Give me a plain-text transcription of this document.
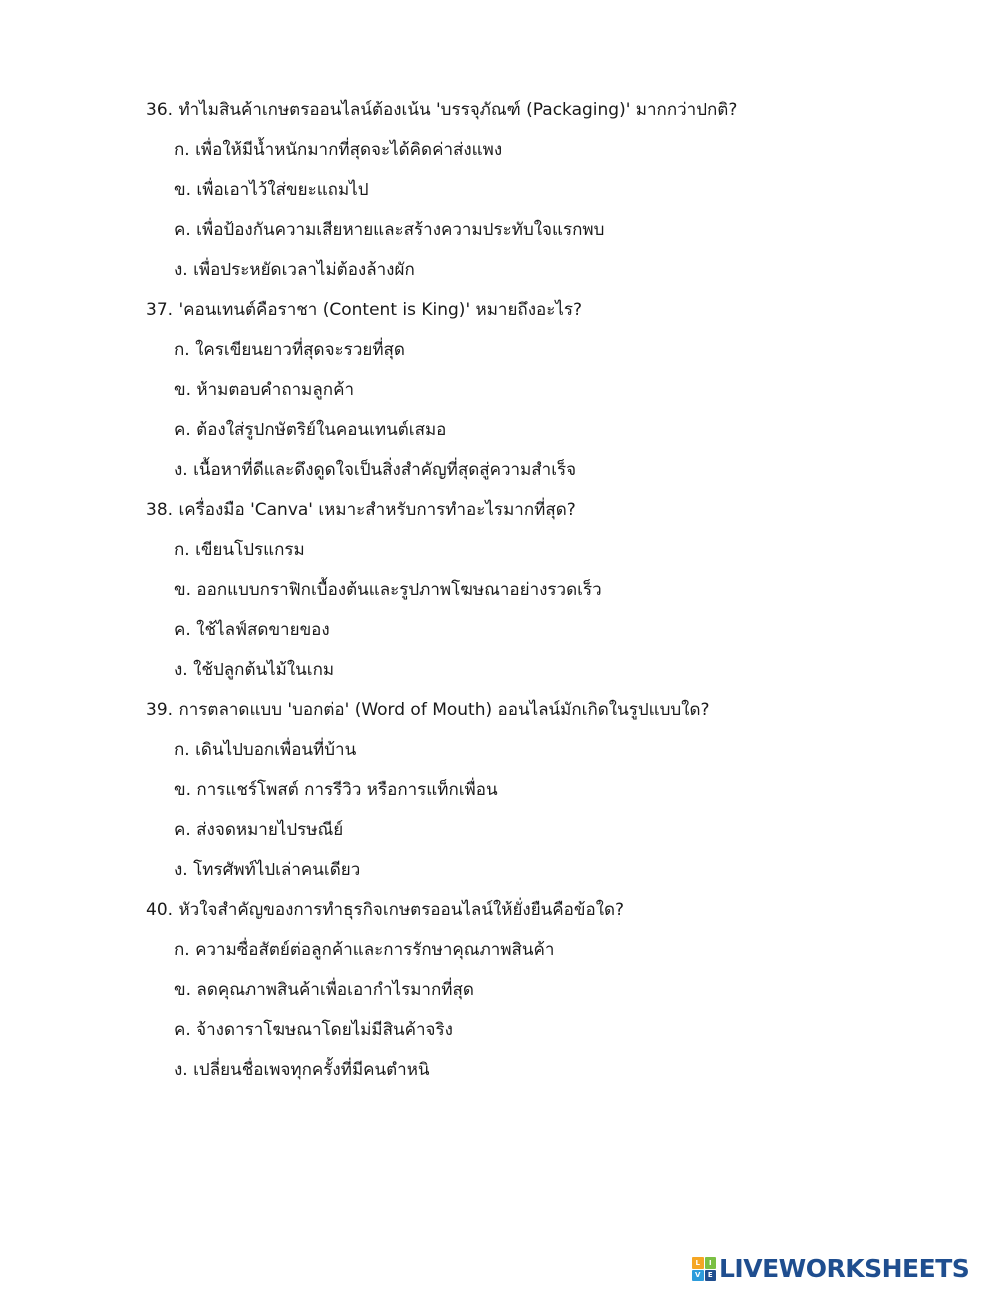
36. ทำไมสินค้าเกษตรออนไลน์ต้องเน้น 'บรรจุภัณฑ์ (Packaging)' มากกว่าปกติ?
ก. เพื่อให้มีน้ำหนักมากที่สุดจะได้คิดค่าส่งแพง
ข. เพื่อเอาไว้ใส่ขยะแถมไป
ค. เพื่อป้องกันความเสียหายและสร้างความประทับใจแรกพบ
ง. เพื่อประหยัดเวลาไม่ต้องล้างผัก
37. 'คอนเทนต์คือราชา (Content is King)' หมายถึงอะไร?
ก. ใครเขียนยาวที่สุดจะรวยที่สุด
ข. ห้ามตอบคำถามลูกค้า
ค. ต้องใส่รูปกษัตริย์ในคอนเทนต์เสมอ
ง. เนื้อหาที่ดีและดึงดูดใจเป็นสิ่งสำคัญที่สุดสู่ความสำเร็จ
38. เครื่องมือ 'Canva' เหมาะสำหรับการทำอะไรมากที่สุด?
ก. เขียนโปรแกรม
ข. ออกแบบกราฟิกเบื้องต้นและรูปภาพโฆษณาอย่างรวดเร็ว
ค. ใช้ไลฟ์สดขายของ
ง. ใช้ปลูกต้นไม้ในเกม
39. การตลาดแบบ 'บอกต่อ' (Word of Mouth) ออนไลน์มักเกิดในรูปแบบใด?
ก. เดินไปบอกเพื่อนที่บ้าน
ข. การแชร์โพสต์ การรีวิว หรือการแท็กเพื่อน
ค. ส่งจดหมายไปรษณีย์
ง. โทรศัพท์ไปเล่าคนเดียว
40. หัวใจสำคัญของการทำธุรกิจเกษตรออนไลน์ให้ยั่งยืนคือข้อใด?
ก. ความซื่อสัตย์ต่อลูกค้าและการรักษาคุณภาพสินค้า
ข. ลดคุณภาพสินค้าเพื่อเอากำไรมากที่สุด
ค. จ้างดาราโฆษณาโดยไม่มีสินค้าจริง
ง. เปลี่ยนชื่อเพจทุกครั้งที่มีคนตำหนิ
L	I
V	E LIVEWORKSHEETS
